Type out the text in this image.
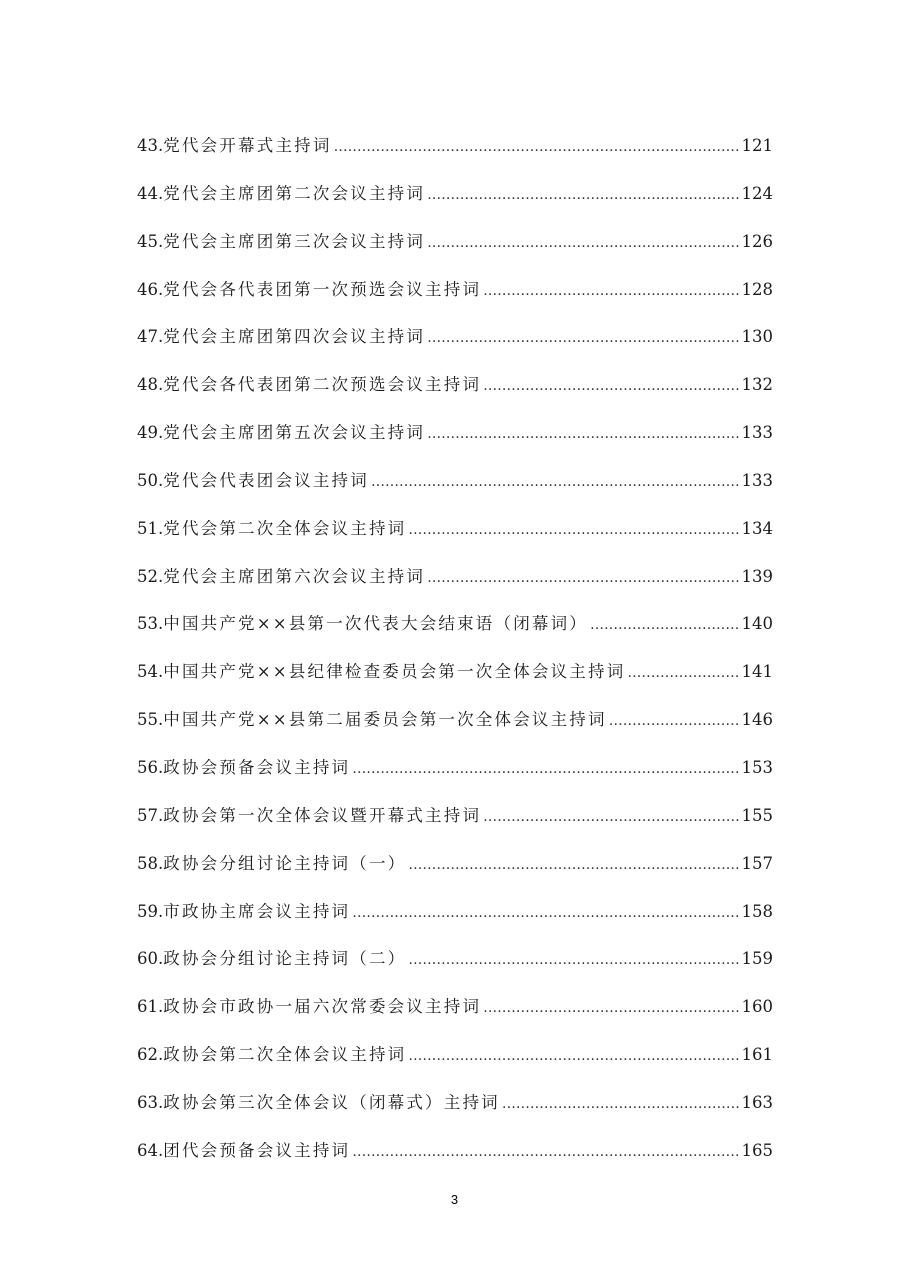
43. 党代会开幕式主持词 ……………………………………………………………………………………………………………………………………………………………………………………………………	121
44. 党代会主席团第二次会议主持词 ……………………………………………………………………………………………………………………………………………………………………………………………………	124
45. 党代会主席团第三次会议主持词 ……………………………………………………………………………………………………………………………………………………………………………………………………	126
46. 党代会各代表团第一次预选会议主持词 ……………………………………………………………………………………………………………………………………………………………………………………………………	128
47. 党代会主席团第四次会议主持词 ……………………………………………………………………………………………………………………………………………………………………………………………………	130
48. 党代会各代表团第二次预选会议主持词 ……………………………………………………………………………………………………………………………………………………………………………………………………	132
49. 党代会主席团第五次会议主持词 ……………………………………………………………………………………………………………………………………………………………………………………………………	133
50. 党代会代表团会议主持词 ……………………………………………………………………………………………………………………………………………………………………………………………………	133
51. 党代会第二次全体会议主持词 ……………………………………………………………………………………………………………………………………………………………………………………………………	134
52. 党代会主席团第六次会议主持词 ……………………………………………………………………………………………………………………………………………………………………………………………………	139
53. 中国共产党××县第一次代表大会结束语（闭幕词） ……………………………………………………………………………………………………………………………………………………………………………………………………	140
54. 中国共产党××县纪律检查委员会第一次全体会议主持词 ……………………………………………………………………………………………………………………………………………………………………………………………………	141
55. 中国共产党××县第二届委员会第一次全体会议主持词 ……………………………………………………………………………………………………………………………………………………………………………………………………	146
56. 政协会预备会议主持词 ……………………………………………………………………………………………………………………………………………………………………………………………………	153
57. 政协会第一次全体会议暨开幕式主持词 ……………………………………………………………………………………………………………………………………………………………………………………………………	155
58. 政协会分组讨论主持词（一） ……………………………………………………………………………………………………………………………………………………………………………………………………	157
59. 市政协主席会议主持词 ……………………………………………………………………………………………………………………………………………………………………………………………………	158
60. 政协会分组讨论主持词（二） ……………………………………………………………………………………………………………………………………………………………………………………………………	159
61. 政协会市政协一届六次常委会议主持词 ……………………………………………………………………………………………………………………………………………………………………………………………………	160
62. 政协会第二次全体会议主持词 ……………………………………………………………………………………………………………………………………………………………………………………………………	161
63. 政协会第三次全体会议（闭幕式）主持词 ……………………………………………………………………………………………………………………………………………………………………………………………………	163
64. 团代会预备会议主持词 ……………………………………………………………………………………………………………………………………………………………………………………………………	165
3
